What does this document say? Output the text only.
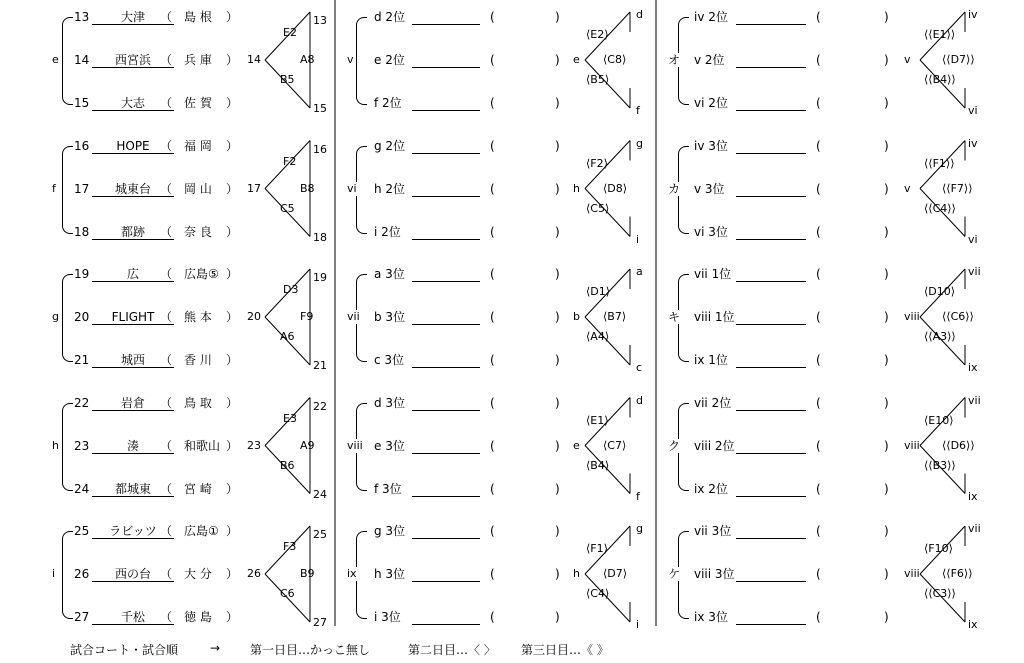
e
13	大津	（ 島 根 ）
14	西宮浜 （ 兵 庫 ）
15	大志	（ 佐 賀 ）
14
E2
A8
B5
13
15
f
16	HOPE （ 福 岡 ）
17	城東台 （ 岡 山 ）
18	都跡	（ 奈 良 ）
17
F2
B8
C5
16
18
g
19	広	（ 広島⑤ ）
20	FLIGHT （ 熊 本 ）
21	城西	（ 香 川 ）
20
D3
F9
A6
19
21
h
22	岩倉	（ 鳥 取 ）
23	湊	（ 和歌山 ）
24	都城東 （ 宮 崎 ）
23
E3
A9
B6
22
24
i
25	ラビッツ （ 広島① ）
26	西の台 （ 大 分 ）
27	千松	（ 徳 島 ）
26
F3
B9
C6
25
27
v
d 2位	(	)
e 2位	(	)
f 2位	(	)
e
⟨E2⟩
⟨C8⟩
⟨B5⟩
d
f
vi
g 2位	(	)
h 2位	(	)
i 2位	(	)
h
⟨F2⟩
⟨D8⟩
⟨C5⟩
g
i
vii
a 3位	(	)
b 3位	(	)
c 3位	(	)
b
⟨D1⟩
⟨B7⟩
⟨A4⟩
a
c
viii
d 3位	(	)
e 3位	(	)
f 3位	(	)
e
⟨E1⟩
⟨C7⟩
⟨B4⟩
d
f
ix
g 3位	(	)
h 3位	(	)
i 3位	(	)
h
⟨F1⟩
⟨D7⟩
⟨C4⟩
g
i
オ
iv 2位	(	)
v 2位	(	)
vi 2位	(	)
v
⟨⟨E1⟩⟩
⟨⟨D7⟩⟩
⟨⟨B4⟩⟩
iv
vi
カ
iv 3位	(	)
v 3位	(	)
vi 3位	(	)
v
⟨⟨F1⟩⟩
⟨⟨F7⟩⟩
⟨⟨C4⟩⟩
iv
vi
キ
vii 1位	(	)
viii 1位	(	)
ix 1位	(	)
viii
⟨D10⟩
⟨⟨C6⟩⟩
⟨⟨A3⟩⟩
vii
ix
ク
vii 2位	(	)
viii 2位	(	)
ix 2位	(	)
viii
⟨E10⟩
⟨⟨D6⟩⟩
⟨⟨B3⟩⟩
vii
ix
ケ
vii 3位	(	)
viii 3位	(	)
ix 3位	(	)
viii
⟨F10⟩
⟨⟨F6⟩⟩
⟨⟨C3⟩⟩
vii
ix
試合コート・試合順	→ 第一日目…かっこ無し	第二日目…〈 〉 第三日目…《 》
